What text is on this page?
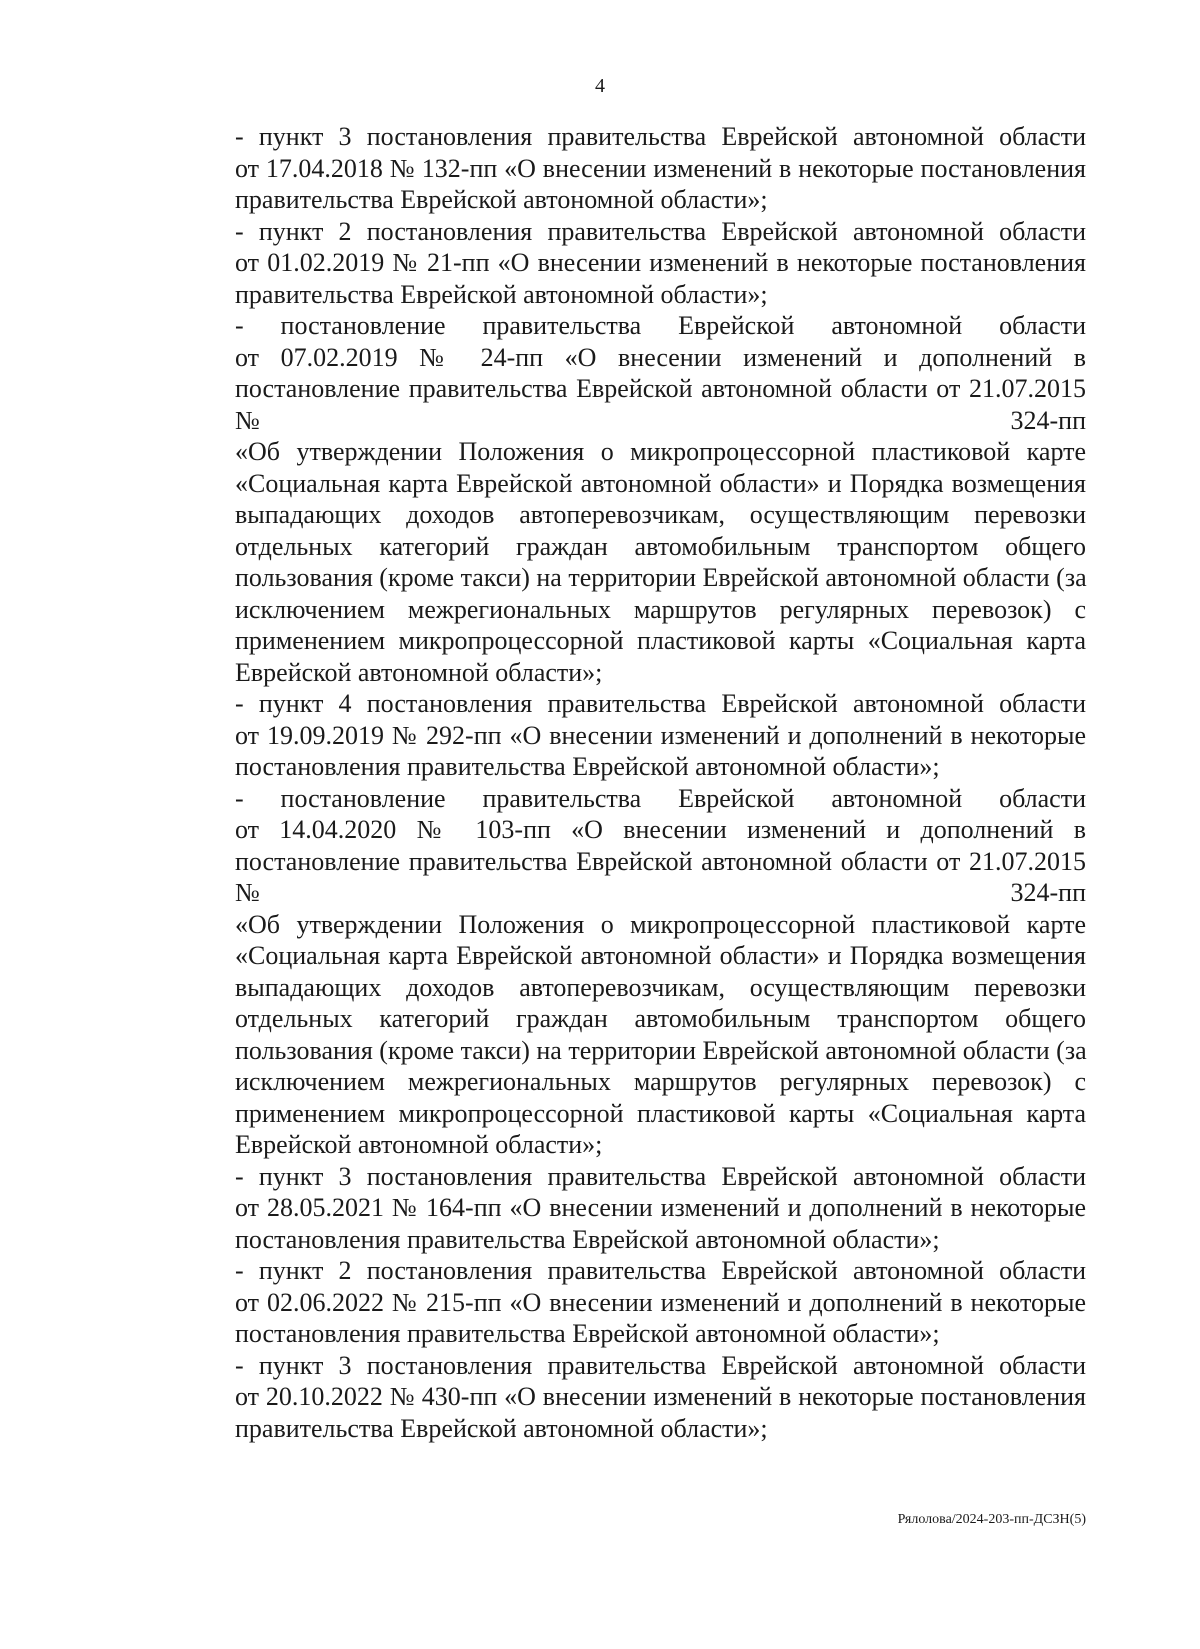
4

- пункт 3 постановления правительства Еврейской автономной области
от 17.04.2018 № 132-пп «О внесении изменений в некоторые постановления
правительства Еврейской автономной области»;

- пункт 2 постановления правительства Еврейской автономной области
от 01.02.2019 № 21-пп «О внесении изменений в некоторые постановления
правительства Еврейской автономной области»;

- постановление правительства Еврейской автономной области
от 07.02.2019 № 24-пп «О внесении изменений и дополнений в
постановление правительства Еврейской автономной области от 21.07.2015
№ 324-пп
«Об утверждении Положения о микропроцессорной пластиковой карте
«Социальная карта Еврейской автономной области» и Порядка возмещения
выпадающих доходов автоперевозчикам, осуществляющим перевозки
отдельных категорий граждан автомобильным транспортом общего
пользования (кроме такси) на территории Еврейской автономной области (за
исключением межрегиональных маршрутов регулярных перевозок) с
применением микропроцессорной пластиковой карты «Социальная карта
Еврейской автономной области»;

- пункт 4 постановления правительства Еврейской автономной области
от 19.09.2019 № 292-пп «О внесении изменений и дополнений в некоторые
постановления правительства Еврейской автономной области»;

- постановление правительства Еврейской автономной области
от 14.04.2020 № 103-пп «О внесении изменений и дополнений в
постановление правительства Еврейской автономной области от 21.07.2015
№ 324-пп
«Об утверждении Положения о микропроцессорной пластиковой карте
«Социальная карта Еврейской автономной области» и Порядка возмещения
выпадающих доходов автоперевозчикам, осуществляющим перевозки
отдельных категорий граждан автомобильным транспортом общего
пользования (кроме такси) на территории Еврейской автономной области (за
исключением межрегиональных маршрутов регулярных перевозок) с
применением микропроцессорной пластиковой карты «Социальная карта
Еврейской автономной области»;

- пункт 3 постановления правительства Еврейской автономной области
от 28.05.2021 № 164-пп «О внесении изменений и дополнений в некоторые
постановления правительства Еврейской автономной области»;

- пункт 2 постановления правительства Еврейской автономной области
от 02.06.2022 № 215-пп «О внесении изменений и дополнений в некоторые
постановления правительства Еврейской автономной области»;

- пункт 3 постановления правительства Еврейской автономной области
от 20.10.2022 № 430-пп «О внесении изменений в некоторые постановления
правительства Еврейской автономной области»;

Рялолова/2024-203-пп-ДСЗН(5)
